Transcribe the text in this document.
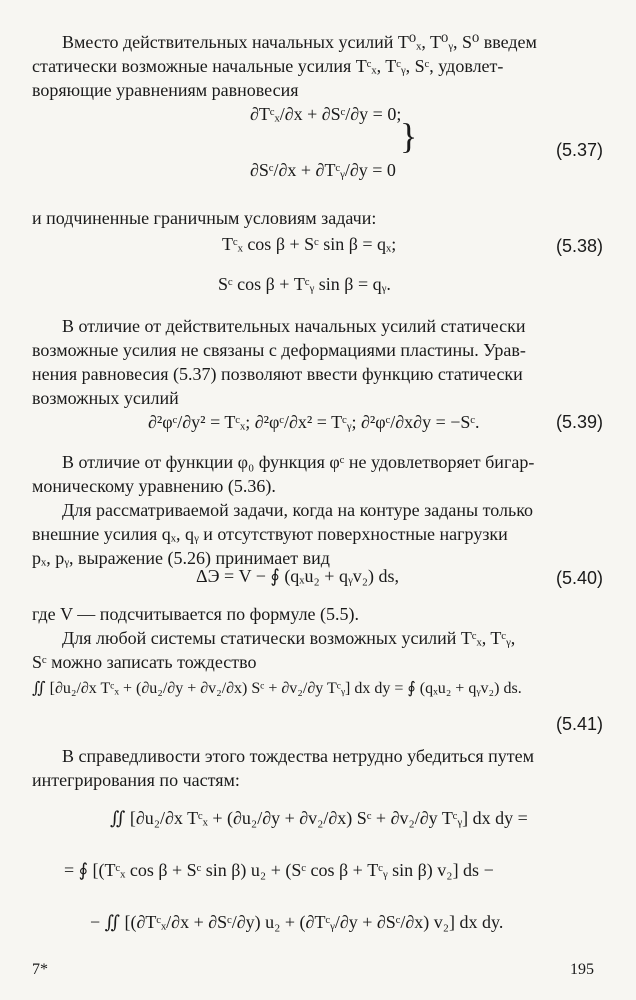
Вместо действительных начальных усилий T⁰ₓ, T⁰ᵧ, S⁰ введем
статически возможные начальные усилия Tᶜₓ, Tᶜᵧ, Sᶜ, удовлет-
воряющие уравнениям равновесия
∂Tᶜₓ/∂x + ∂Sᶜ/∂y = 0;
∂Sᶜ/∂x + ∂Tᶜᵧ/∂y = 0
}	(5.37)
и подчиненные граничным условиям задачи:
Tᶜₓ cos β + Sᶜ sin β = qₓ;	(5.38)
Sᶜ cos β + Tᶜᵧ sin β = qᵧ.
В отличие от действительных начальных усилий статически
возможные усилия не связаны с деформациями пластины. Урав-
нения равновесия (5.37) позволяют ввести функцию статически
возможных усилий
∂²φᶜ/∂y² = Tᶜₓ; ∂²φᶜ/∂x² = Tᶜᵧ; ∂²φᶜ/∂x∂y = −Sᶜ.	(5.39)
В отличие от функции φ₀ функция φᶜ не удовлетворяет бигар-
моническому уравнению (5.36).
Для рассматриваемой задачи, когда на контуре заданы только
внешние усилия qₓ, qᵧ и отсутствуют поверхностные нагрузки
pₓ, pᵧ, выражение (5.26) принимает вид
ΔЭ = V − ∮ (qₓu₂ + qᵧv₂) ds,	(5.40)
где V — подсчитывается по формуле (5.5).
Для любой системы статически возможных усилий Tᶜₓ, Tᶜᵧ,
Sᶜ можно записать тождество
∬ [∂u₂/∂x Tᶜₓ + (∂u₂/∂y + ∂v₂/∂x) Sᶜ + ∂v₂/∂y Tᶜᵧ] dx dy = ∮ (qₓu₂ + qᵧv₂) ds.
(5.41)
В справедливости этого тождества нетрудно убедиться путем
интегрирования по частям:
∬ [∂u₂/∂x Tᶜₓ + (∂u₂/∂y + ∂v₂/∂x) Sᶜ + ∂v₂/∂y Tᶜᵧ] dx dy =
= ∮ [(Tᶜₓ cos β + Sᶜ sin β) u₂ + (Sᶜ cos β + Tᶜᵧ sin β) v₂] ds −
− ∬ [(∂Tᶜₓ/∂x + ∂Sᶜ/∂y) u₂ + (∂Tᶜᵧ/∂y + ∂Sᶜ/∂x) v₂] dx dy.
7*	195
